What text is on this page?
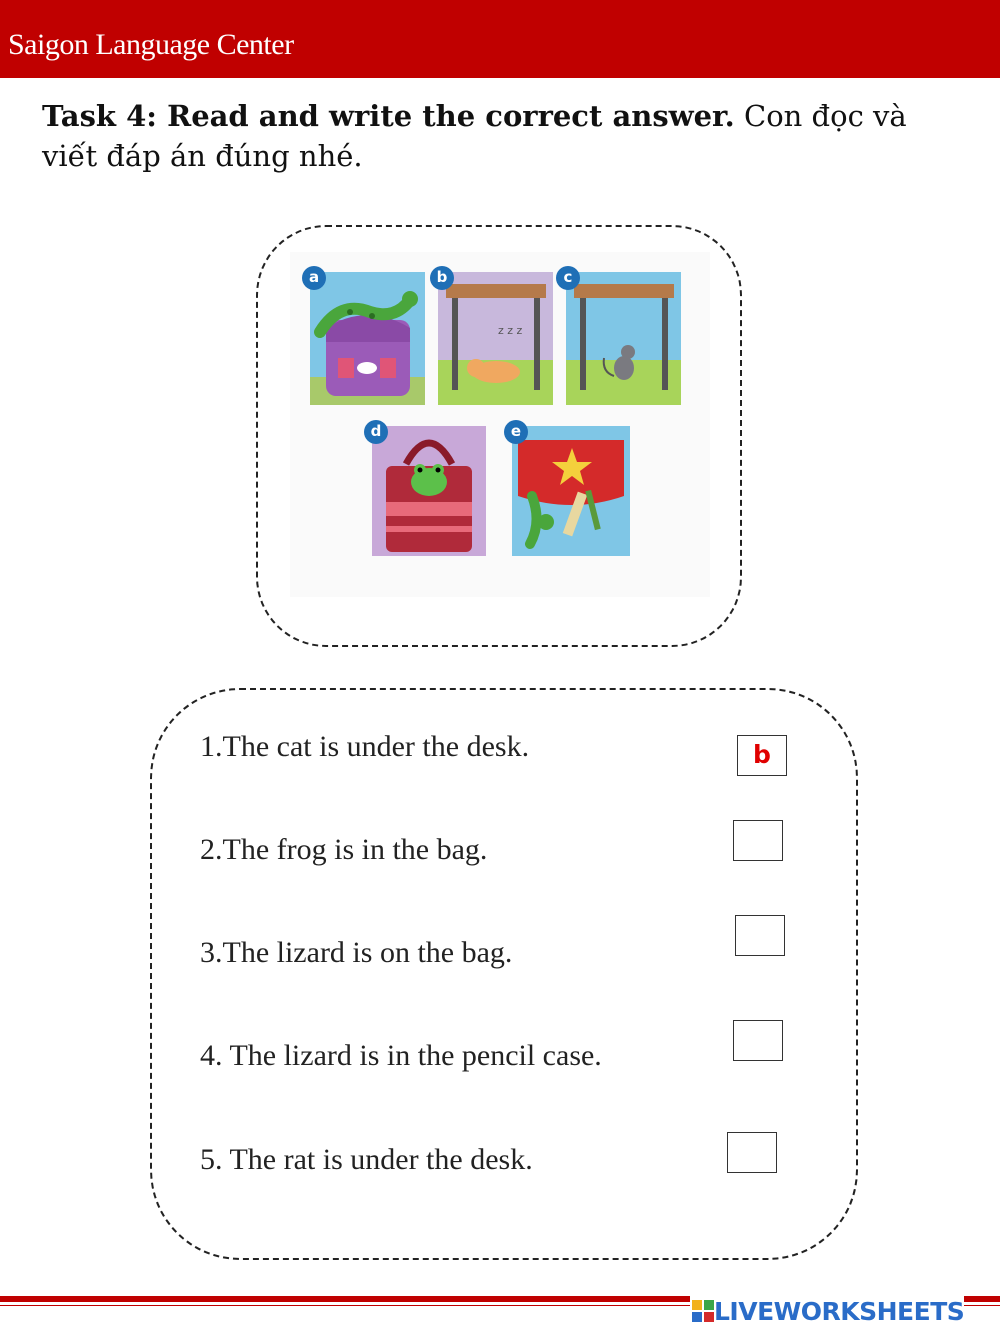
Saigon Language Center
Task 4: Read and write the correct answer. Con đọc và viết đáp án đúng nhé.
a
z z z
b	c
d	e
1.The cat is under the desk.	b
2.The frog is in the bag.
3.The lizard is on the bag.
4. The lizard is in the pencil case.
5. The rat is under the desk.
LIVEWORKSHEETS
